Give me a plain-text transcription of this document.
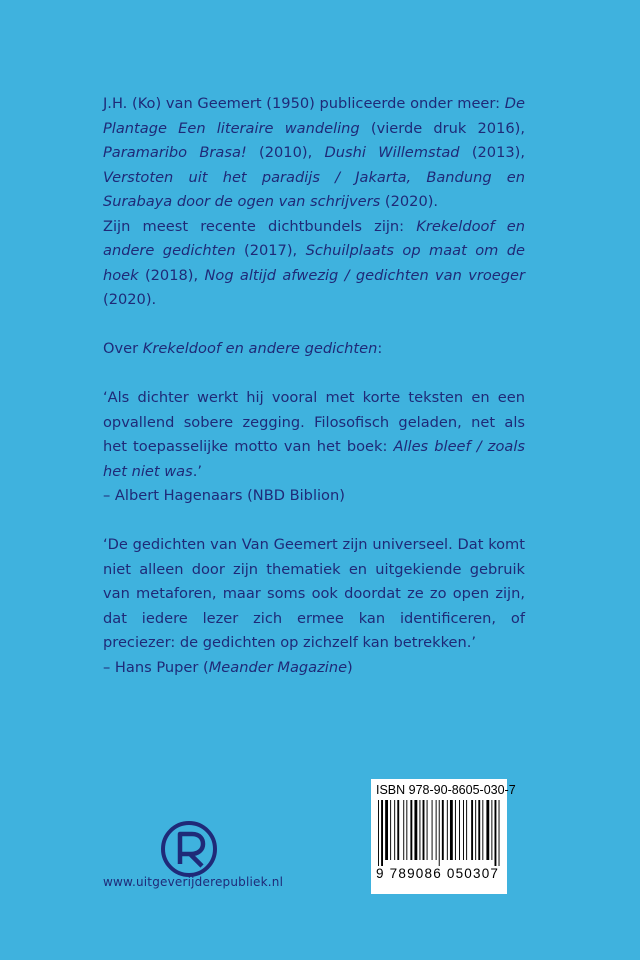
J.H. (Ko) van Geemert (1950) publiceerde onder meer: De Plantage Een literaire wandeling (vierde druk 2016), Paramaribo Brasa! (2010), Dushi Willemstad (2013), Verstoten uit het paradijs / Jakarta, Bandung en Surabaya door de ogen van schrijvers (2020).

Zijn meest recente dichtbundels zijn: Krekeldoof en andere gedichten (2017), Schuilplaats op maat om de hoek (2018), Nog altijd afwezig / gedichten van vroeger (2020).

Over Krekeldoof en andere gedichten:

‘Als dichter werkt hij vooral met korte teksten en een opvallend sobere zegging. Filosofisch geladen, net als het toepasselijke motto van het boek: Alles bleef / zoals het niet was.’

– Albert Hagenaars (NBD Biblion)

‘De gedichten van Van Geemert zijn universeel. Dat komt niet alleen door zijn thematiek en uitgekiende gebruik van metaforen, maar soms ook doordat ze zo open zijn, dat iedere lezer zich ermee kan identificeren, of preciezer: de gedichten op zichzelf kan betrekken.’

– Hans Puper (Meander Magazine)

www.uitgeverijderepubliek.nl
ISBN 978-90-8605-030-7
9 789086 050307
